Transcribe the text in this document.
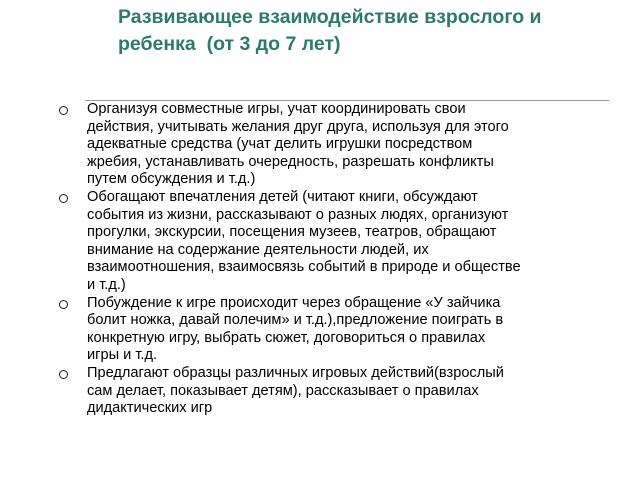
Развивающее взаимодействие взрослого и
ребенка  (от 3 до 7 лет)
Организуя совместные игры, учат координировать свои
действия, учитывать желания друг друга, используя для этого
адекватные средства (учат делить игрушки посредством
жребия, устанавливать очередность, разрешать конфликты
путем обсуждения и т.д.)
Обогащают впечатления детей (читают книги, обсуждают
события из жизни, рассказывают о разных людях, организуют
прогулки, экскурсии, посещения музеев, театров, обращают
внимание на содержание деятельности людей, их
взаимоотношения, взаимосвязь событий в природе и обществе
и т.д.)
Побуждение к игре происходит через обращение «У зайчика
болит ножка, давай полечим» и т.д.),предложение поиграть в
конкретную игру, выбрать сюжет, договориться о правилах
игры и т.д.
Предлагают образцы различных игровых действий(взрослый
сам делает, показывает детям), рассказывает о правилах
дидактических игр
